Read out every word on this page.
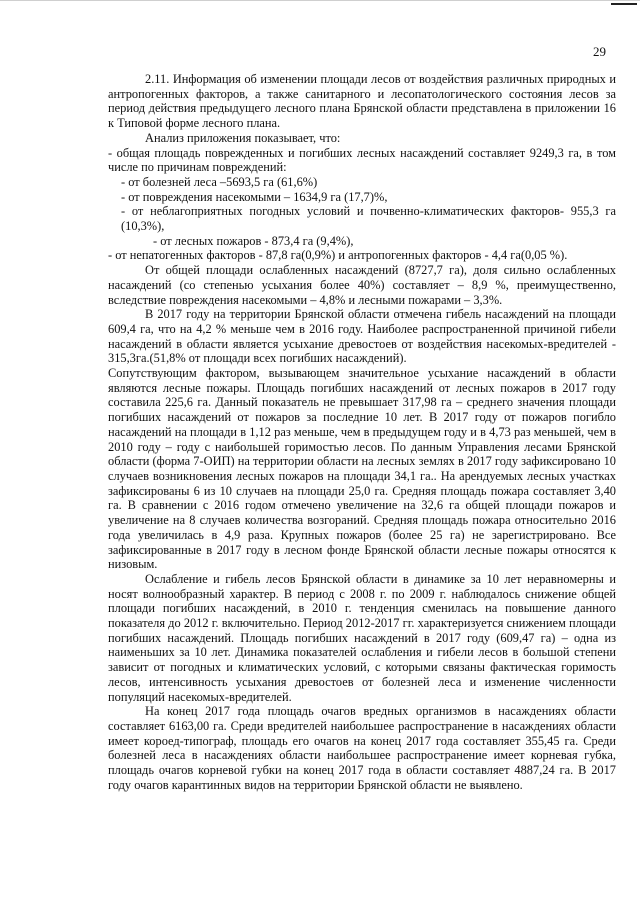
29

2.11. Информация об изменении площади лесов от воздействия различных природных и антропогенных факторов, а также санитарного и лесопатологического состояния лесов за период действия предыдущего лесного плана Брянской области представлена в приложении 16 к Типовой форме лесного плана.

Анализ приложения показывает, что:

- общая площадь поврежденных и погибших лесных насаждений составляет 9249,3 га, в том числе по причинам повреждений:

- от болезней леса –5693,5 га (61,6%)

- от повреждения насекомыми – 1634,9 га (17,7)%,

- от неблагоприятных погодных условий и почвенно-климатических факторов- 955,3 га (10,3%),

- от лесных пожаров - 873,4 га (9,4%),

- от непатогенных факторов - 87,8 га(0,9%) и антропогенных факторов - 4,4 га(0,05 %).

От общей площади ослабленных насаждений (8727,7 га), доля сильно ослабленных насаждений (со степенью усыхания более 40%) составляет – 8,9 %, преимущественно, вследствие повреждения насекомыми – 4,8% и лесными пожарами – 3,3%.

В 2017 году на территории Брянской области отмечена гибель насаждений на площади 609,4 га, что на 4,2 % меньше чем в 2016 году. Наиболее распространенной причиной гибели насаждений в области является усыхание древостоев от воздействия насекомых-вредителей - 315,3га.(51,8% от площади всех погибших насаждений).

Сопутствующим фактором, вызывающем значительное усыхание насаждений в области являются лесные пожары. Площадь погибших насаждений от лесных пожаров в 2017 году составила 225,6 га. Данный показатель не превышает 317,98 га – среднего значения площади погибших насаждений от пожаров за последние 10 лет. В 2017 году от пожаров погибло насаждений на площади в 1,12 раз меньше, чем в предыдущем году и в 4,73 раз меньшей, чем в 2010 году – году с наибольшей горимостью лесов. По данным Управления лесами Брянской области (форма 7-ОИП) на территории области на лесных землях в 2017 году зафиксировано 10 случаев возникновения лесных пожаров на площади 34,1 га.. На арендуемых лесных участках зафиксированы 6 из 10 случаев на площади 25,0 га. Средняя площадь пожара составляет 3,40 га. В сравнении с 2016 годом отмечено увеличение на 32,6 га общей площади пожаров и увеличение на 8 случаев количества возгораний. Средняя площадь пожара относительно 2016 года увеличилась в 4,9 раза. Крупных пожаров (более 25 га) не зарегистрировано. Все зафиксированные в 2017 году в лесном фонде Брянской области лесные пожары относятся к низовым.

Ослабление и гибель лесов Брянской области в динамике за 10 лет неравномерны и носят волнообразный характер. В период с 2008 г. по 2009 г. наблюдалось снижение общей площади погибших насаждений, в 2010 г. тенденция сменилась на повышение данного показателя до 2012 г. включительно. Период 2012-2017 гг. характеризуется снижением площади погибших насаждений. Площадь погибших насаждений в 2017 году (609,47 га) – одна из наименьших за 10 лет. Динамика показателей ослабления и гибели лесов в большой степени зависит от погодных и климатических условий, с которыми связаны фактическая горимость лесов, интенсивность усыхания древостоев от болезней леса и изменение численности популяций насекомых-вредителей.

На конец 2017 года площадь очагов вредных организмов в насаждениях области составляет 6163,00 га. Среди вредителей наибольшее распространение в насаждениях области имеет короед-типограф, площадь его очагов на конец 2017 года составляет 355,45 га. Среди болезней леса в насаждениях области наибольшее распространение имеет корневая губка, площадь очагов корневой губки на конец 2017 года в области составляет 4887,24 га. В 2017 году очагов карантинных видов на территории Брянской области не выявлено.
